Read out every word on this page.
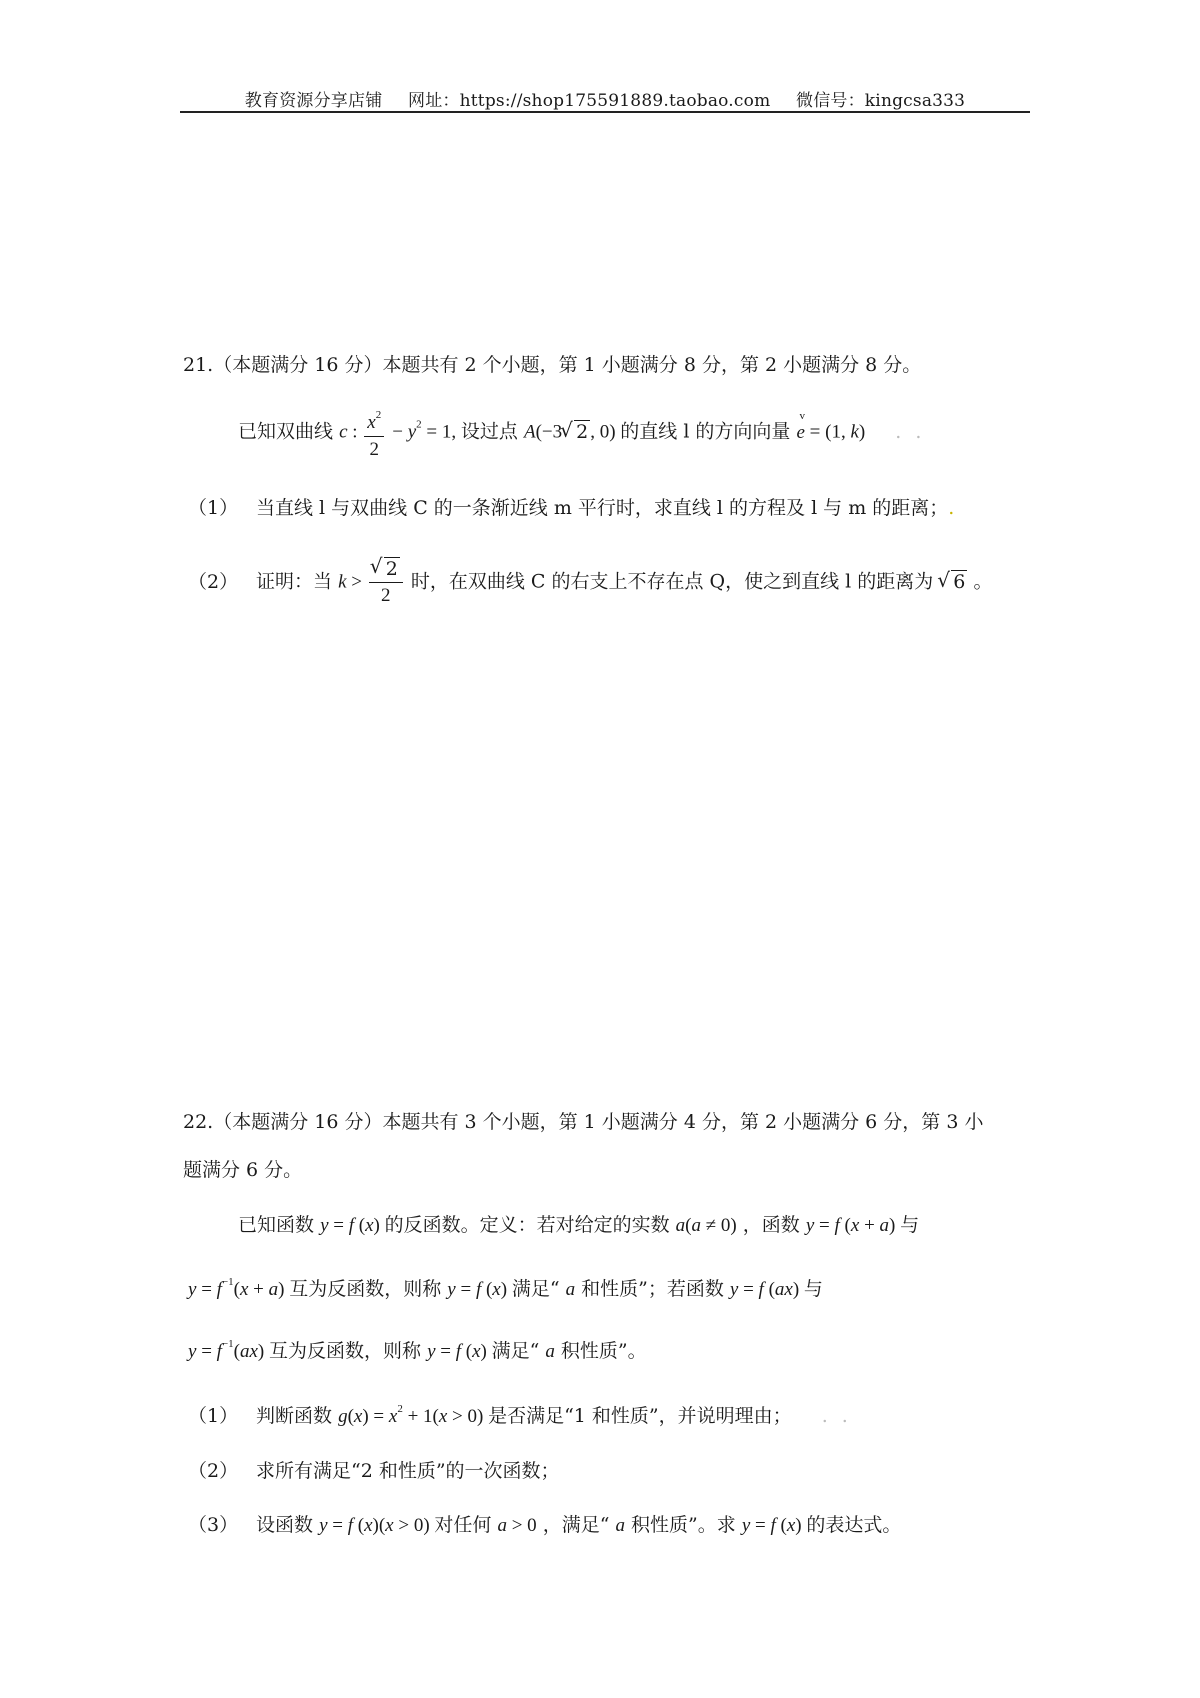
教育资源分享店铺 网址：https://shop175591889.taobao.com 微信号：kingcsa333
21.（本题满分 16 分）本题共有 2 个小题，第 1 小题满分 8 分，第 2 小题满分 8 分。
已知双曲线 c : $\frac{x^2}{2} - y^2 = 1$, 设过点 A(−3 √ 2 , 0) 的直线 l 的方向向量
v
e = (1, k) ..
（1） 当直线 l 与双曲线 C 的一条渐近线 m 平行时，求直线 l 的方程及 l 与 m 的距离；.
（2） 证明：当 k > √ $\frac{2}{2}$ 时，在双曲线 C 的右支上不存在点 Q，使之到直线 l 的距离为 √ 6 。
22.（本题满分 16 分）本题共有 3 个小题，第 1 小题满分 4 分，第 2 小题满分 6 分，第 3 小
题满分 6 分。
已知函数 y = f (x) 的反函数。定义：若对给定的实数 a(a ≠ 0) ，函数 y = f (x + a) 与
$y = f^{-1}(x + a)$ 互为反函数，则称 y = f (x) 满足“ a 和性质”；若函数 y = f (ax) 与
$y = f^{-1}(ax)$ 互为反函数，则称 y = f (x) 满足“ a 积性质”。
（1） 判断函数 $g(x) = x^2 + 1(x > 0)$ 是否满足“1 和性质”，并说明理由； ..
（2） 求所有满足“2 和性质”的一次函数；
（3） 设函数 y = f (x)(x > 0) 对任何 a > 0 ，满足“ a 积性质”。求 y = f (x) 的表达式。
